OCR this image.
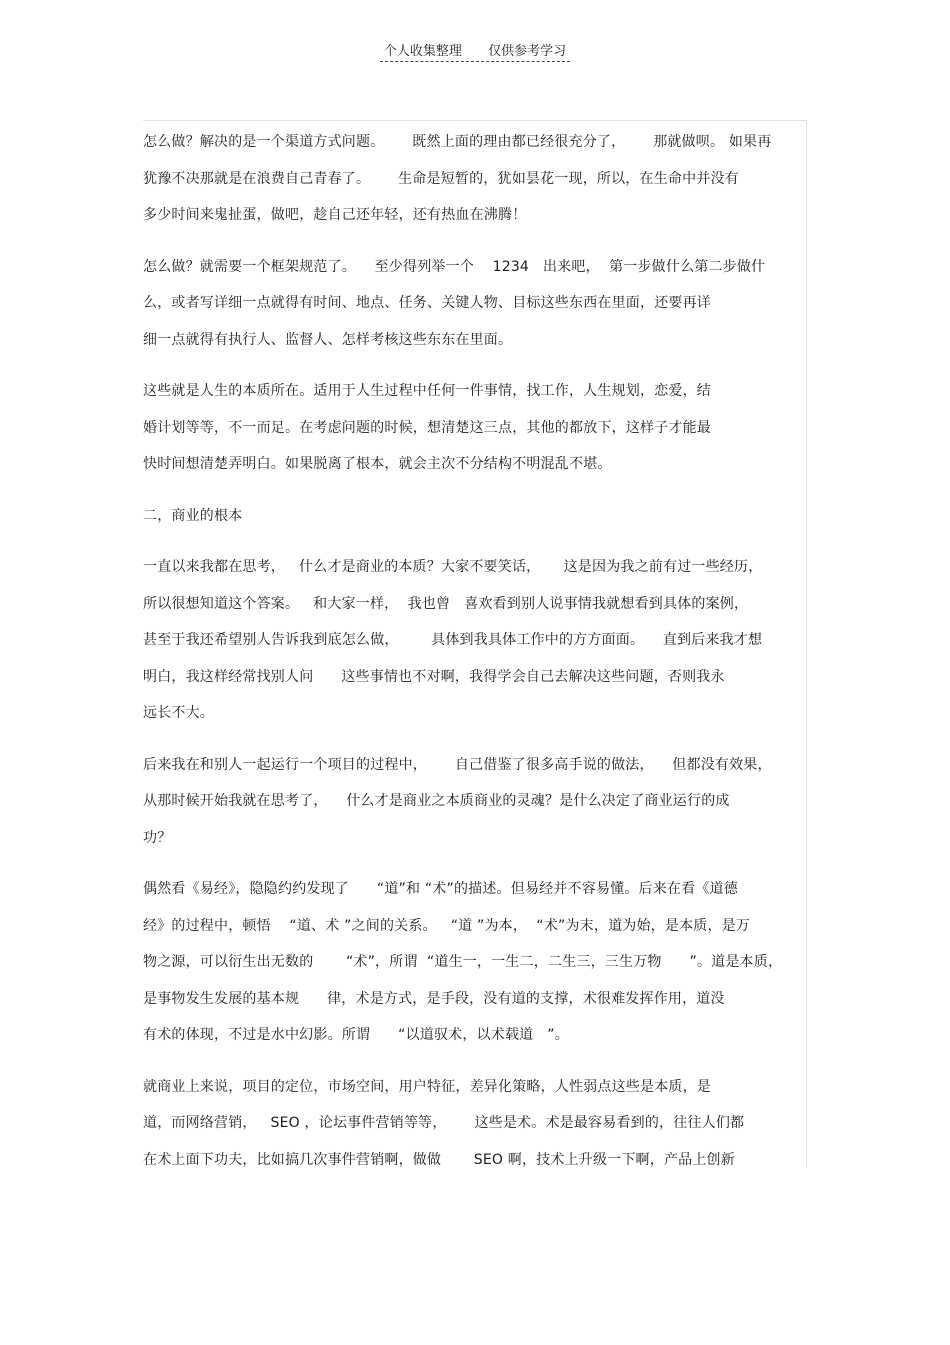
个人收集整理 仅供参考学习
怎么做？解决的是一个渠道方式问题。      既然上面的理由都已经很充分了，      那就做呗。 如果再
犹豫不决那就是在浪费自己青春了。      生命是短暂的，犹如昙花一现，所以，在生命中并没有
多少时间来鬼扯蛋，做吧，趁自己还年轻，还有热血在沸腾！
怎么做？就需要一个框架规范了。    至少得列举一个    1234   出来吧，  第一步做什么第二步做什
么，或者写详细一点就得有时间、地点、任务、关键人物、目标这些东西在里面，还要再详
细一点就得有执行人、监督人、怎样考核这些东东在里面。
这些就是人生的本质所在。适用于人生过程中任何一件事情，找工作，人生规划，恋爱，结
婚计划等等，不一而足。在考虑问题的时候，想清楚这三点，其他的都放下，这样子才能最
快时间想清楚弄明白。如果脱离了根本，就会主次不分结构不明混乱不堪。
二，商业的根本
一直以来我都在思考，   什么才是商业的本质？大家不要笑话，     这是因为我之前有过一些经历，
所以很想知道这个答案。   和大家一样，  我也曾   喜欢看到别人说事情我就想看到具体的案例，
甚至于我还希望别人告诉我到底怎么做，       具体到我具体工作中的方方面面。    直到后来我才想
明白，我这样经常找别人问      这些事情也不对啊，我得学会自己去解决这些问题，否则我永
远长不大。
后来我在和别人一起运行一个项目的过程中，      自己借鉴了很多高手说的做法，    但都没有效果，
从那时候开始我就在思考了，    什么才是商业之本质商业的灵魂？是什么决定了商业运行的成
功？
偶然看《易经》，隐隐约约发现了      “道”和 “术”的描述。但易经并不容易懂。后来在看《道德
经》的过程中，顿悟    “道、术 ”之间的关系。   “道 ”为本，  “术”为末，道为始，是本质，是万
物之源，可以衍生出无数的       “术”，所谓  “道生一，一生二，二生三，三生万物      ”。道是本质，
是事物发生发展的基本规      律，术是方式，是手段，没有道的支撑，术很难发挥作用，道没
有术的体现，不过是水中幻影。所谓      “以道驭术，以术载道   ”。
就商业上来说，项目的定位，市场空间，用户特征，差异化策略，人性弱点这些是本质，是
道，而网络营销，   SEO ，论坛事件营销等等，      这些是术。术是最容易看到的，往往人们都
在术上面下功夫，比如搞几次事件营销啊，做做       SEO 啊，技术上升级一下啊，产品上创新
